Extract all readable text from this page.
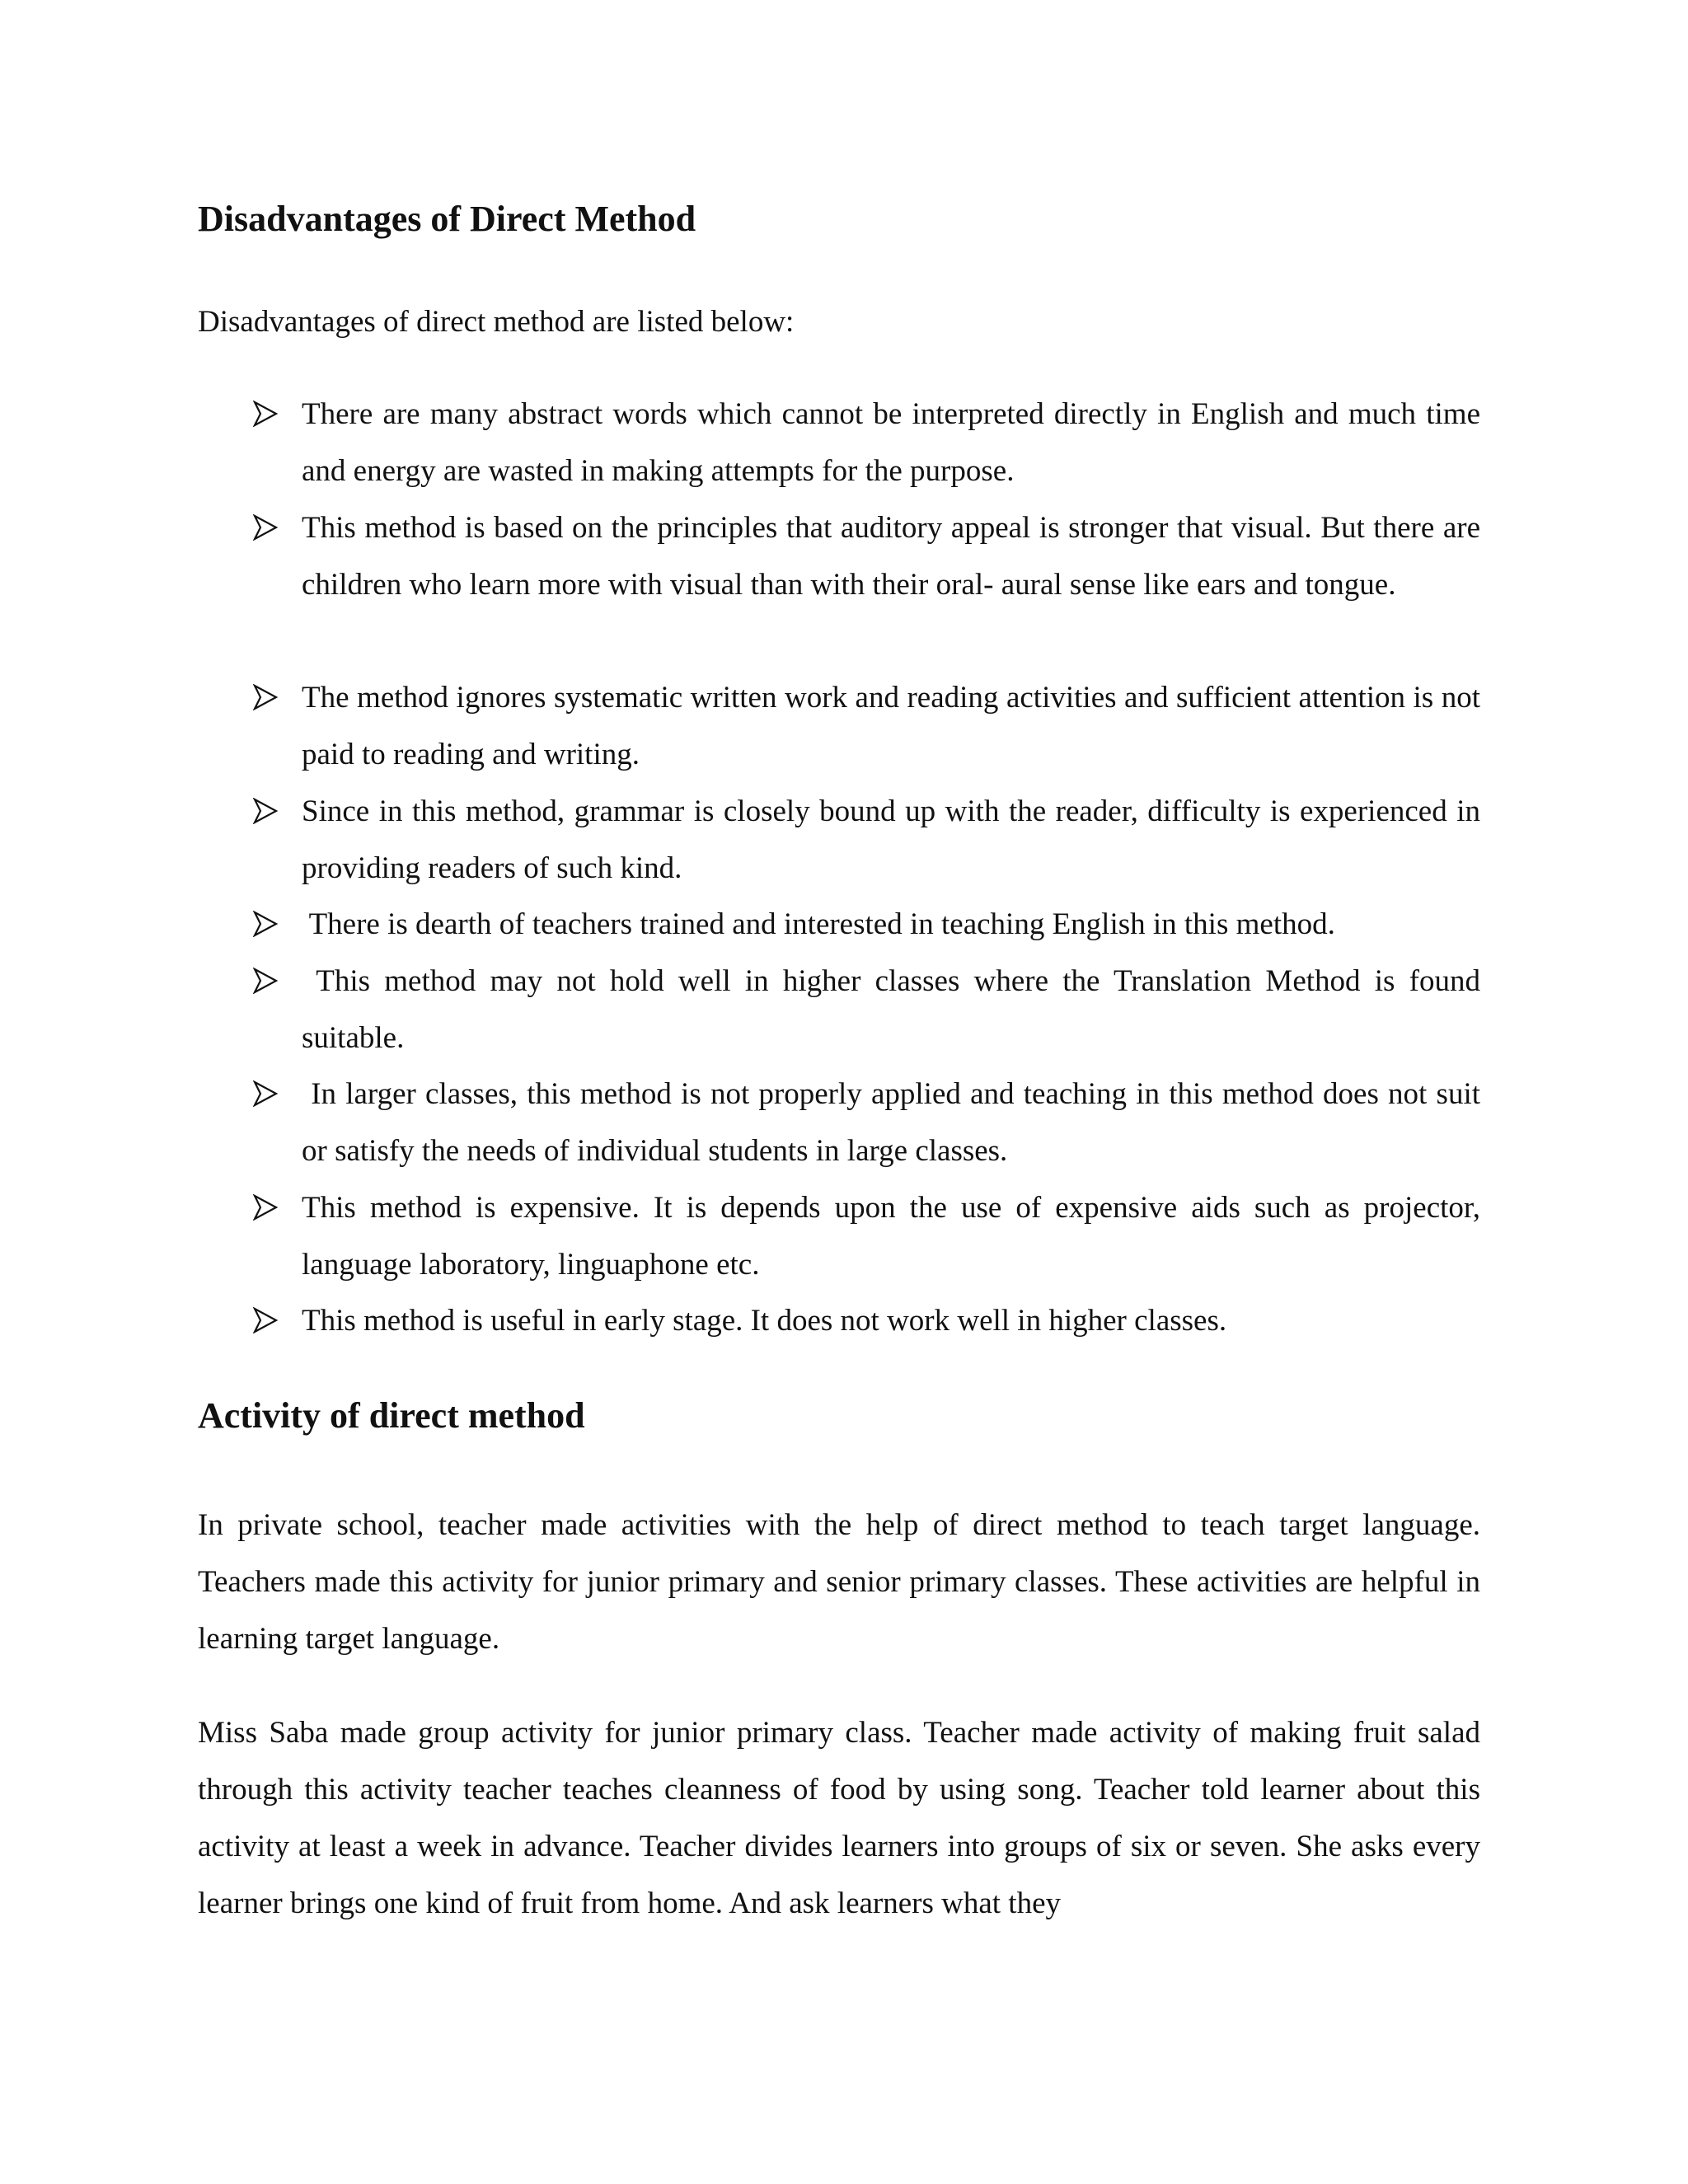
Disadvantages of Direct Method

Disadvantages of direct method are listed below:

There are many abstract words which cannot be interpreted directly in English and much time and energy are wasted in making attempts for the purpose.
This method is based on the principles that auditory appeal is stronger that visual. But there are children who learn more with visual than with their oral- aural sense like ears and tongue.
The method ignores systematic written work and reading activities and sufficient attention is not paid to reading and writing.
Since in this method, grammar is closely bound up with the reader, difficulty is experienced in providing readers of such kind.
There is dearth of teachers trained and interested in teaching English in this method.
This method may not hold well in higher classes where the Translation Method is found suitable.
In larger classes, this method is not properly applied and teaching in this method does not suit or satisfy the needs of individual students in large classes.
This method is expensive. It is depends upon the use of expensive aids such as projector, language laboratory, linguaphone etc.
This method is useful in early stage. It does not work well in higher classes.
Activity of direct method

In private school, teacher made activities with the help of direct method to teach target language. Teachers made this activity for junior primary and senior primary classes. These activities are helpful in learning target language.

Miss Saba made group activity for junior primary class. Teacher made activity of making fruit salad through this activity teacher teaches cleanness of food by using song. Teacher told learner about this activity at least a week in advance. Teacher divides learners into groups of six or seven. She asks every learner brings one kind of fruit from home. And ask learners what they
